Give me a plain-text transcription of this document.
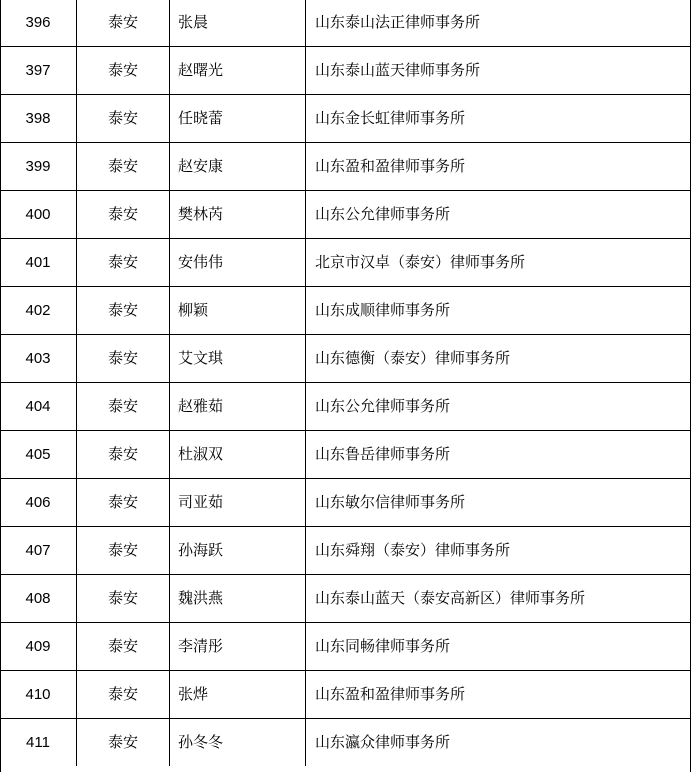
396	泰安	张晨	山东泰山法正律师事务所
397	泰安	赵曙光	山东泰山蓝天律师事务所
398	泰安	任晓蕾	山东金长虹律师事务所
399	泰安	赵安康	山东盈和盈律师事务所
400	泰安	樊林芮	山东公允律师事务所
401	泰安	安伟伟	北京市汉卓（泰安）律师事务所
402	泰安	柳颖	山东成顺律师事务所
403	泰安	艾文琪	山东德衡（泰安）律师事务所
404	泰安	赵雅茹	山东公允律师事务所
405	泰安	杜淑双	山东鲁岳律师事务所
406	泰安	司亚茹	山东敏尔信律师事务所
407	泰安	孙海跃	山东舜翔（泰安）律师事务所
408	泰安	魏洪燕	山东泰山蓝天（泰安高新区）律师事务所
409	泰安	李清彤	山东同畅律师事务所
410	泰安	张烨	山东盈和盈律师事务所
411	泰安	孙冬冬	山东瀛众律师事务所
